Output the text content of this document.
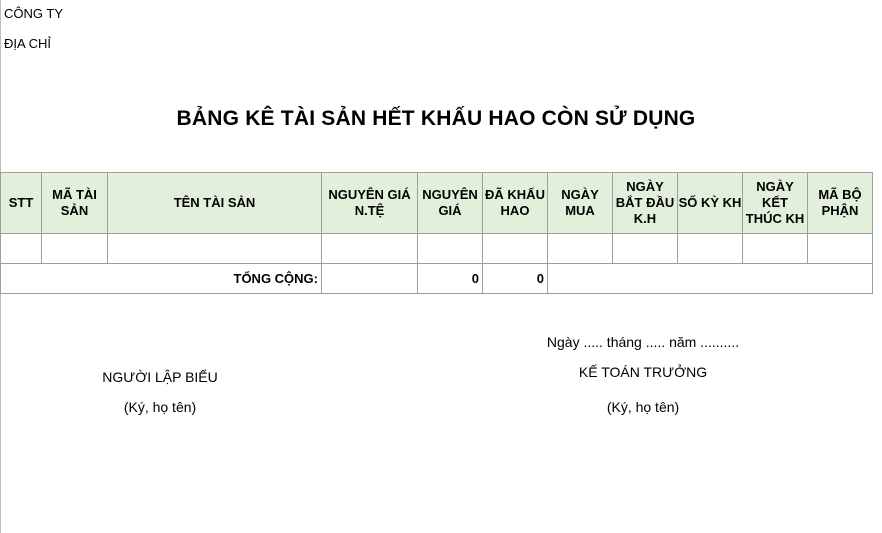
CÔNG TY
ĐỊA CHỈ
BẢNG KÊ TÀI SẢN HẾT KHẤU HAO CÒN SỬ DỤNG
STT	MÃ TÀI SẢN	TÊN TÀI SẢN	NGUYÊN GIÁ N.TỆ	NGUYÊN GIÁ	ĐÃ KHẤU HAO	NGÀY MUA	NGÀY BẮT ĐẦU K.H	SỐ KỲ KH	NGÀY KẾT THÚC KH	MÃ BỘ PHẬN

TỔNG CỘNG:				0	0					
NGƯỜI LẬP BIỂU
(Ký, họ tên)
Ngày ..... tháng ..... năm ..........
KẾ TOÁN TRƯỞNG
(Ký, họ tên)
